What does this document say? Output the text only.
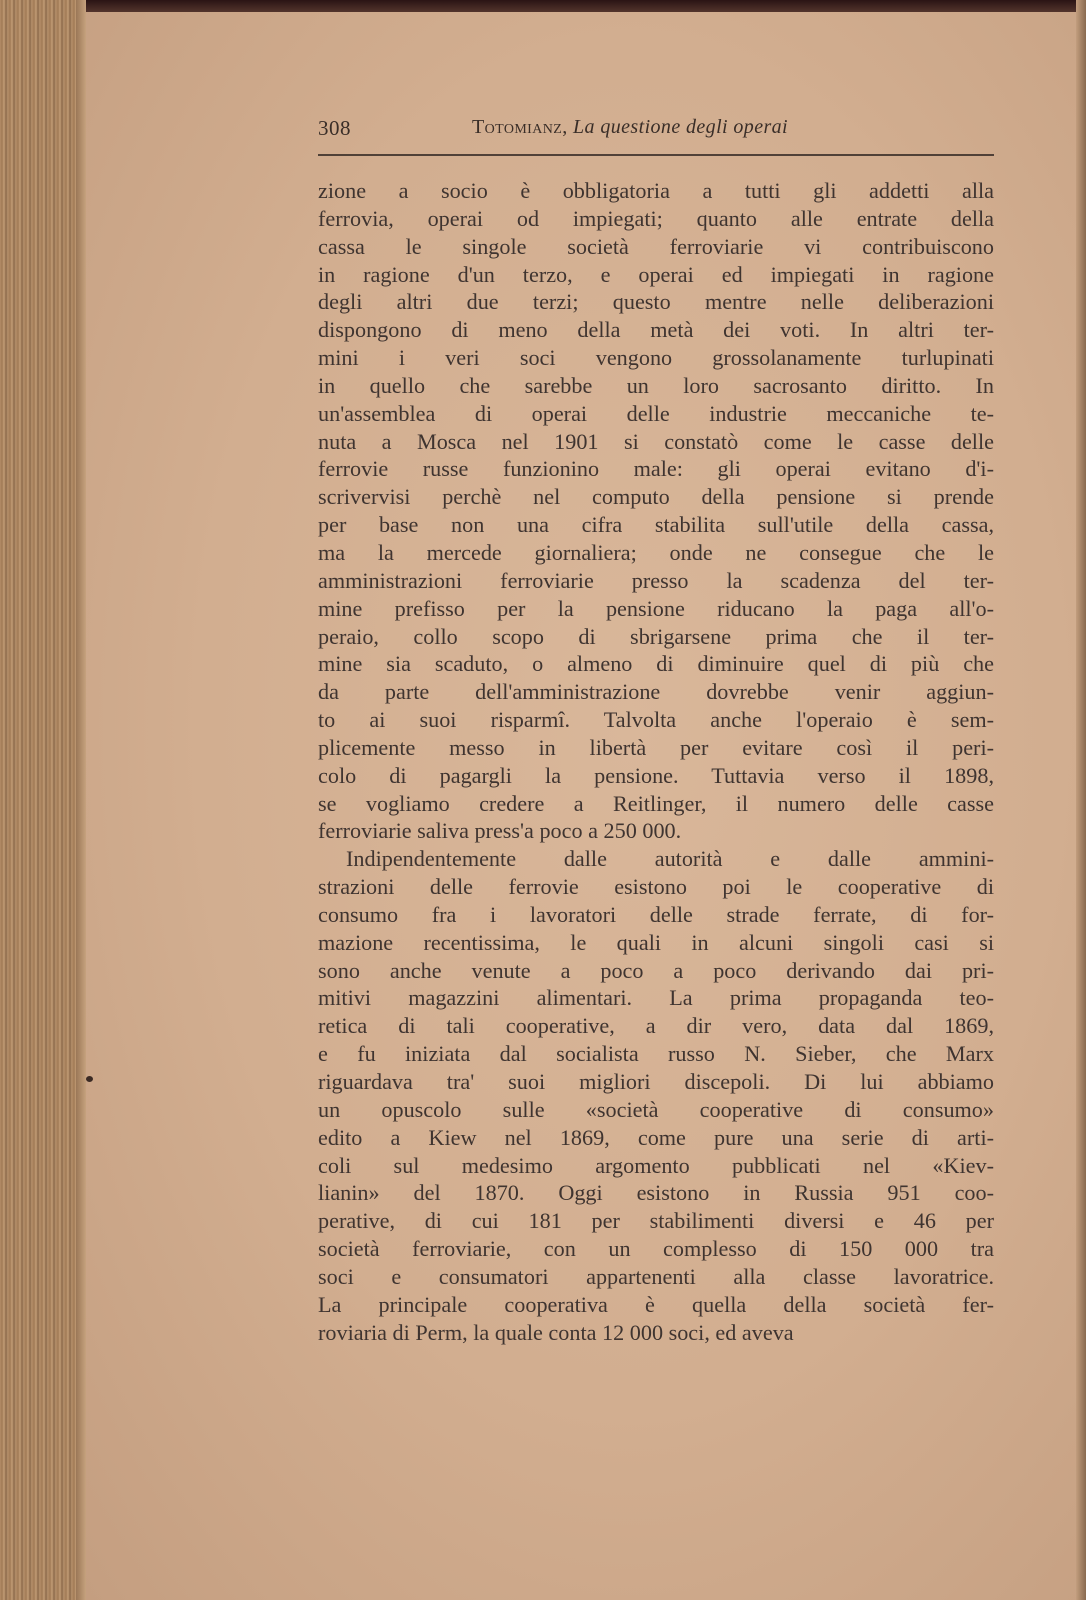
308	Totomianz, La questione degli operai
zione a socio è obbligatoria a tutti gli addetti alla
ferrovia, operai od impiegati; quanto alle entrate della
cassa le singole società ferroviarie vi contribuiscono
in ragione d'un terzo, e operai ed impiegati in ragione
degli altri due terzi; questo mentre nelle deliberazioni
dispongono di meno della metà dei voti. In altri ter-
mini i veri soci vengono grossolanamente turlupinati
in quello che sarebbe un loro sacrosanto diritto. In
un'assemblea di operai delle industrie meccaniche te-
nuta a Mosca nel 1901 si constatò come le casse delle
ferrovie russe funzionino male: gli operai evitano d'i-
scrivervisi perchè nel computo della pensione si prende
per base non una cifra stabilita sull'utile della cassa,
ma la mercede giornaliera; onde ne consegue che le
amministrazioni ferroviarie presso la scadenza del ter-
mine prefisso per la pensione riducano la paga all'o-
peraio, collo scopo di sbrigarsene prima che il ter-
mine sia scaduto, o almeno di diminuire quel di più che
da parte dell'amministrazione dovrebbe venir aggiun-
to ai suoi risparmî. Talvolta anche l'operaio è sem-
plicemente messo in libertà per evitare così il peri-
colo di pagargli la pensione. Tuttavia verso il 1898,
se vogliamo credere a Reitlinger, il numero delle casse
ferroviarie saliva press'a poco a 250 000.
Indipendentemente dalle autorità e dalle ammini-
strazioni delle ferrovie esistono poi le cooperative di
consumo fra i lavoratori delle strade ferrate, di for-
mazione recentissima, le quali in alcuni singoli casi si
sono anche venute a poco a poco derivando dai pri-
mitivi magazzini alimentari. La prima propaganda teo-
retica di tali cooperative, a dir vero, data dal 1869,
e fu iniziata dal socialista russo N. Sieber, che Marx
riguardava tra' suoi migliori discepoli. Di lui abbiamo
un opuscolo sulle «società cooperative di consumo»
edito a Kiew nel 1869, come pure una serie di arti-
coli sul medesimo argomento pubblicati nel «Kiev-
lianin» del 1870. Oggi esistono in Russia 951 coo-
perative, di cui 181 per stabilimenti diversi e 46 per
società ferroviarie, con un complesso di 150 000 tra
soci e consumatori appartenenti alla classe lavoratrice.
La principale cooperativa è quella della società fer-
roviaria di Perm, la quale conta 12 000 soci, ed aveva
